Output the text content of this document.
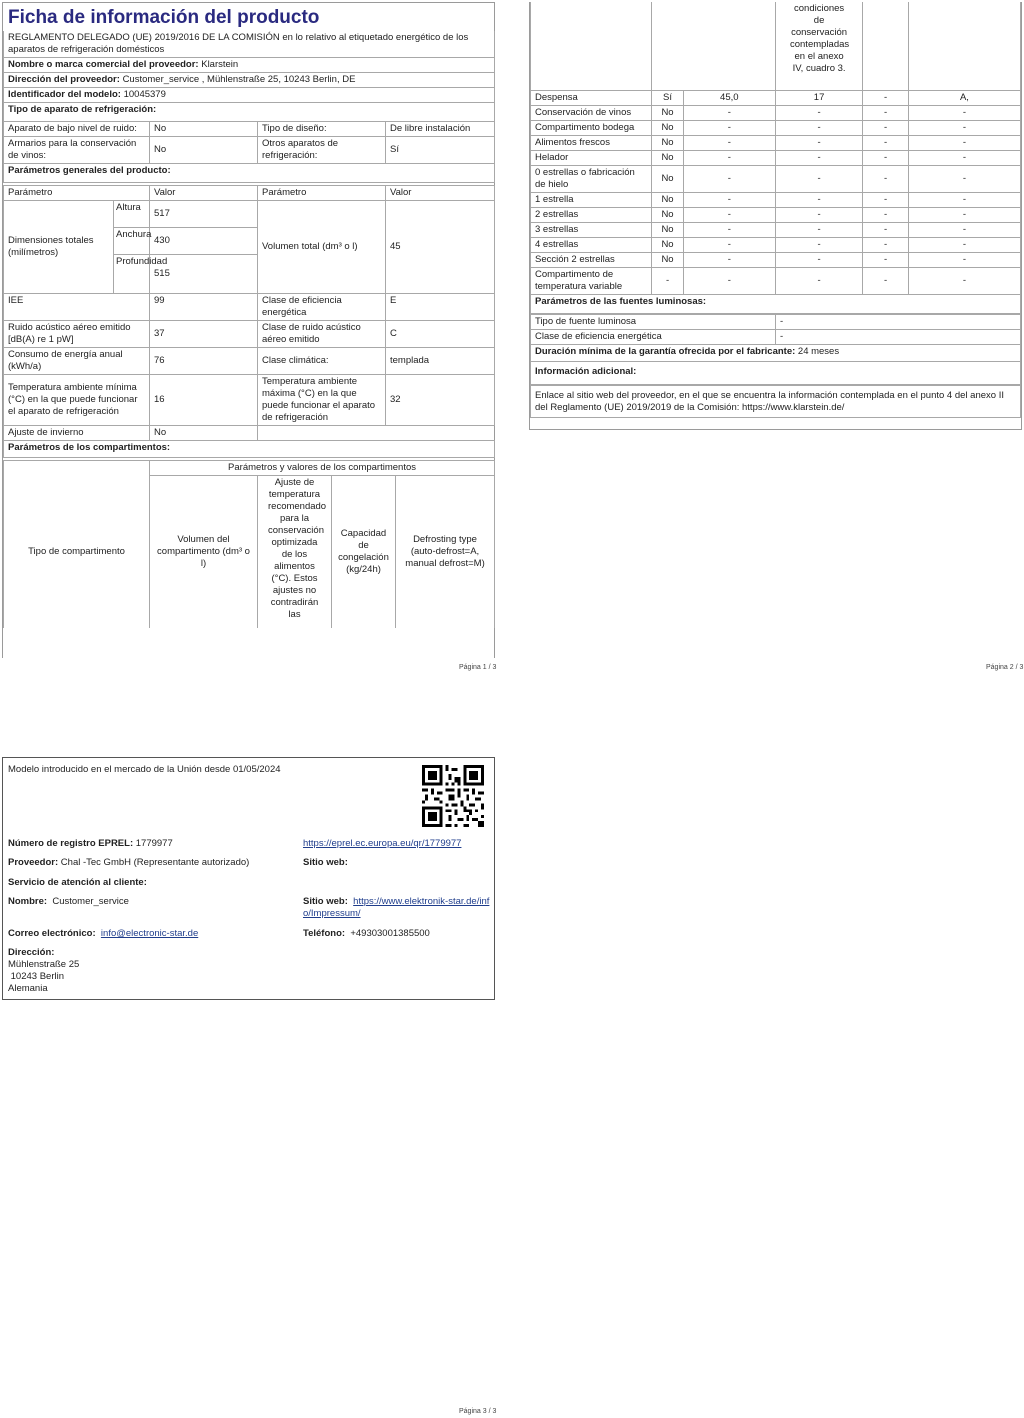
Ficha de información del producto
REGLAMENTO DELEGADO (UE) 2019/2016 DE LA COMISIÓN en lo relativo al etiquetado energético de los aparatos de refrigeración domésticos				
Nombre o marca comercial del proveedor: Klarstein				
Dirección del proveedor: Customer_service , Mühlenstraße 25, 10243 Berlin, DE				
Identificador del modelo: 10045379				
Tipo de aparato de refrigeración:				
Aparato de bajo nivel de ruido:		No	Tipo de diseño:	De libre instalación
Armarios para la conservación de vinos:		No	Otros aparatos de refrigeración:	Sí
Parámetros generales del producto:				

Parámetro		Valor	Parámetro	Valor
Dimensiones totales (milímetros)	Altura	517	Volumen total (dm³ o l)	45
	Anchura	430		
	Profundidad	515		
IEE		99	Clase de eficiencia energética	E
Ruido acústico aéreo emitido [dB(A) re 1 pW]		37	Clase de ruido acústico aéreo emitido	C
Consumo de energía anual (kWh/a)		76	Clase climática:	templada
Temperatura ambiente mínima (°C) en la que puede funcionar el aparato de refrigeración		16	Temperatura ambiente máxima (°C) en la que puede funcionar el aparato de refrigeración	32
Ajuste de invierno		No		
Parámetros de los compartimentos:				
	Parámetros y valores de los compartimentos			
Tipo de compartimento	Volumen del compartimento (dm³ o l)	Ajuste de temperatura recomendado para la conservación optimizada de los alimentos (°C). Estos ajustes no contradirán las	Capacidad de congelación (kg/24h)	Defrosting type (auto-defrost=A, manual defrost=M)
Página 1 / 3
			condiciones de conservación contempladas en el anexo IV, cuadro 3.		
Despensa	Sí	45,0	17	-	A,
Conservación de vinos	No	-	-	-	-
Compartimento bodega	No	-	-	-	-
Alimentos frescos	No	-	-	-	-
Helador	No	-	-	-	-
0 estrellas o fabricación de hielo	No	-	-	-	-
1 estrella	No	-	-	-	-
2 estrellas	No	-	-	-	-
3 estrellas	No	-	-	-	-
4 estrellas	No	-	-	-	-
Sección 2 estrellas	No	-	-	-	-
Compartimento de temperatura variable	-	-	-	-	-
Parámetros de las fuentes luminosas:					
Tipo de fuente luminosa			-		
Clase de eficiencia energética			-		
Duración mínima de la garantía ofrecida por el fabricante: 24 meses					
Información adicional:					
Enlace al sitio web del proveedor, en el que se encuentra la información contemplada en el punto 4 del anexo II del Reglamento (UE) 2019/2019 de la Comisión: https://www.klarstein.de/					
Página 2 / 3
Modelo introducido en el mercado de la Unión desde 01/05/2024
Número de registro EPREL: 1779977	https://eprel.ec.europa.eu/qr/1779977
Proveedor: Chal -Tec GmbH (Representante autorizado)	Sitio web:
Servicio de atención al cliente:
Nombre: Customer_service	Sitio web: https://www.elektronik-star.de/info/Impressum/
Correo electrónico: info@electronic-star.de	Teléfono: +49303001385500
Dirección:
Mühlenstraße 25
10243 Berlin
Alemania
Página 3 / 3
